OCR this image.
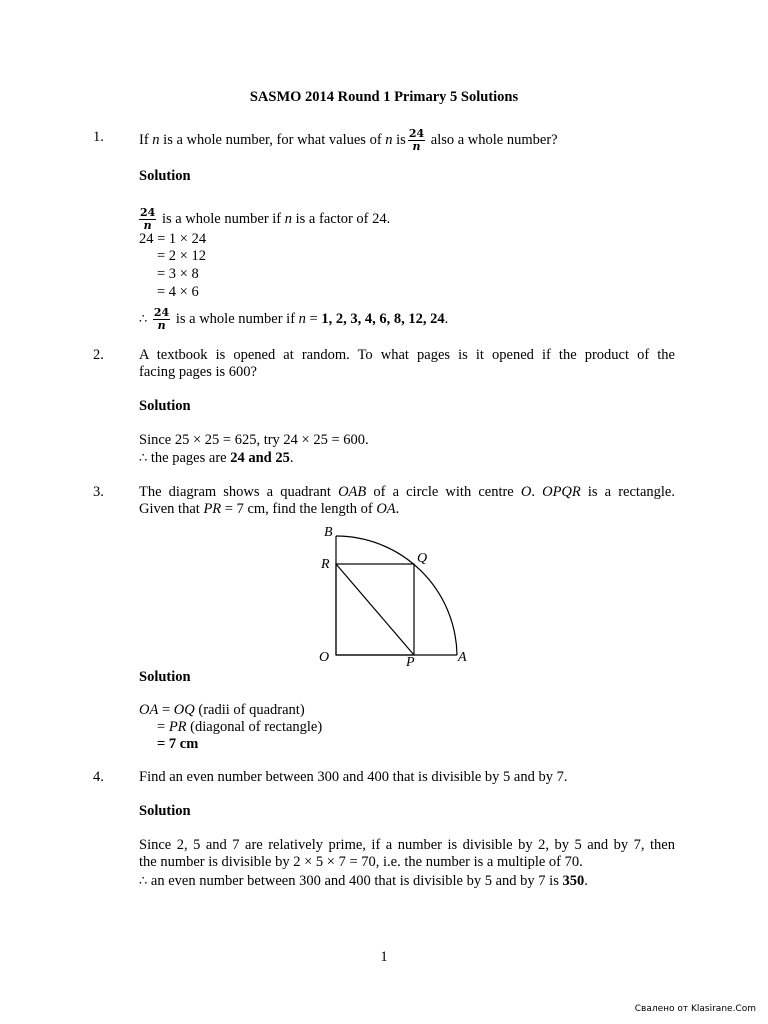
SASMO 2014 Round 1 Primary 5 Solutions
1. If n is a whole number, for what values of n is $\frac{24}{n}$ also a whole number?
Solution
$\frac{24}{n}$ is a whole number if n is a factor of 24.
24 = 1 × 24
= 2 × 12
= 3 × 8
= 4 × 6
∴ $\frac{24}{n}$ is a whole number if n = 1, 2, 3, 4, 6, 8, 12, 24.
2. A textbook is opened at random. To what pages is it opened if the product of the
facing pages is 600?
Solution
Since 25 × 25 = 625, try 24 × 25 = 600.
∴ the pages are 24 and 25.
3. The diagram shows a quadrant OAB of a circle with centre O. OPQR is a rectangle.
Given that PR = 7 cm, find the length of OA.
B
R	Q
O	P	A
Solution
OA = OQ (radii of quadrant)
= PR (diagonal of rectangle)
= 7 cm
4. Find an even number between 300 and 400 that is divisible by 5 and by 7.
Solution
Since 2, 5 and 7 are relatively prime, if a number is divisible by 2, by 5 and by 7, then
the number is divisible by 2 × 5 × 7 = 70, i.e. the number is a multiple of 70.
∴ an even number between 300 and 400 that is divisible by 5 and by 7 is 350.
1
Свалено от Klasirane.Com
